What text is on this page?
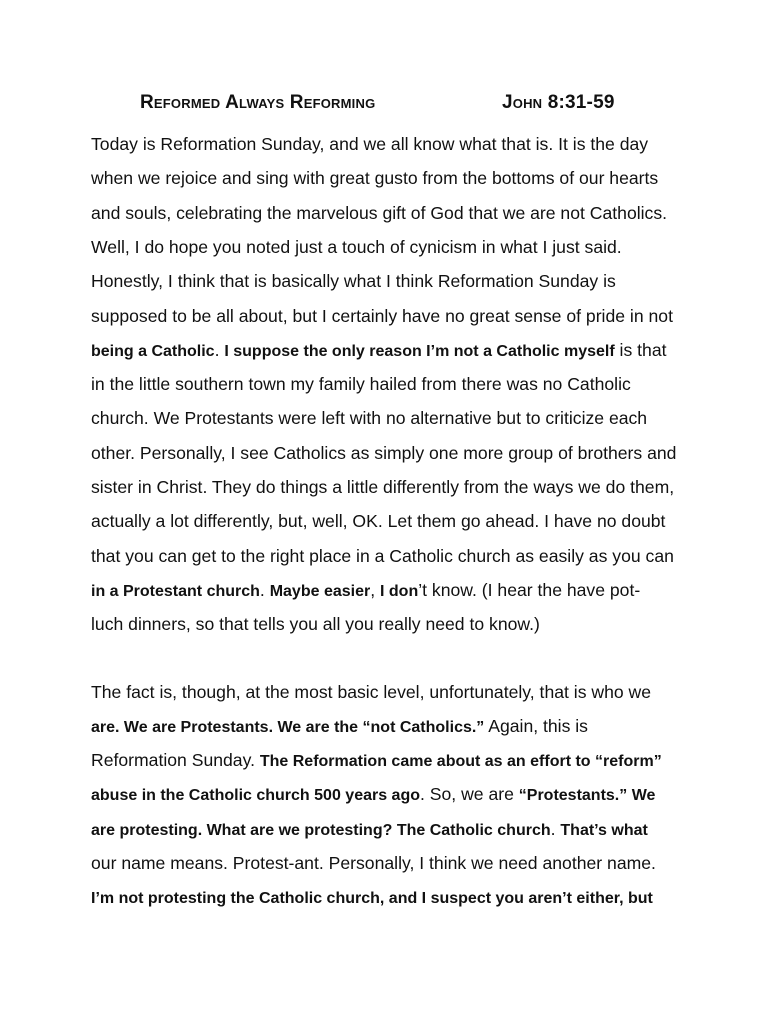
Reformed Always Reforming	John 8:31-59
Today is Reformation Sunday, and we all know what that is. It is the day
when we rejoice and sing with great gusto from the bottoms of our hearts
and souls, celebrating the marvelous gift of God that we are not Catholics.
Well, I do hope you noted just a touch of cynicism in what I just said.
Honestly, I think that is basically what I think Reformation Sunday is
supposed to be all about, but I certainly have no great sense of pride in not
being a Catholic. I suppose the only reason I’m not a Catholic myself is that
in the little southern town my family hailed from there was no Catholic
church. We Protestants were left with no alternative but to criticize each
other. Personally, I see Catholics as simply one more group of brothers and
sister in Christ. They do things a little differently from the ways we do them,
actually a lot differently, but, well, OK. Let them go ahead. I have no doubt
that you can get to the right place in a Catholic church as easily as you can
in a Protestant church. Maybe easier, I don’t know. (I hear the have pot-
luch dinners, so that tells you all you really need to know.)
The fact is, though, at the most basic level, unfortunately, that is who we
are. We are Protestants. We are the “not Catholics.” Again, this is
Reformation Sunday. The Reformation came about as an effort to “reform”
abuse in the Catholic church 500 years ago. So, we are “Protestants.” We
are protesting. What are we protesting? The Catholic church. That’s what
our name means. Protest-ant. Personally, I think we need another name.
I’m not protesting the Catholic church, and I suspect you aren’t either, but
